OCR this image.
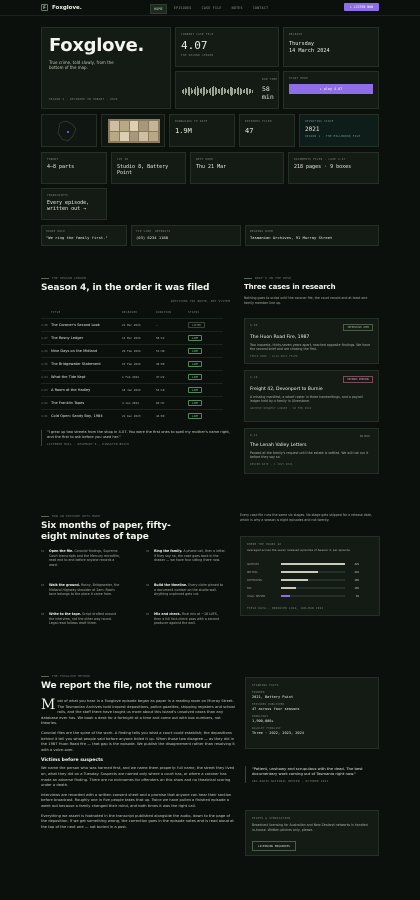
F	Foxglove.	HOME	EPISODES	CASE FILE	NOTES	CONTACT	▸ LISTEN NOW
Foxglove.
True crime, told slowly, from the bottom of the map.
SEASON 4 · RECORDED IN HOBART · 2024
CURRENT CASE FILE
4.07
THE SECOND LEDGER
RELEASE
Thursday
14 March 2024
RUN TIME
58 min
START HERE
▸ play 4.07
DOWNLOADS TO DATE
1.9M
EPISODES FILED
47
REPORTING SINCE
2021
SEASON 1 · THE MILLBROOK FILE
FORMAT
4–8 parts
CUT IN
Studio 8, Battery Point
NEXT DROP
Thu 21 Mar
DOCUMENTS FILED · CASE 4.07
218 pages · 9 boxes
TRANSCRIPTS
Every episode, written out →
HOUSE RULE
"We ring the family first."
TIP LINE, WEEKDAYS
(03) 6234 1188
READING ROOM
Tasmanian Archives, 91 Murray Street
THE SEASON LEDGER
Season 4, in the order it was filed
QUESTIONS YOU WROTE, NOT SYSTEM
TITLE	RELEASED	DURATION	STATUS
4.08 The Coroner's Second Look	21 Mar 2024	—	LISTED
4.07 The Rosny Ledger	14 Mar 2024	58:12	LIVE
4.06 Nine Days on the Midland	29 Feb 2024	51:40	LIVE
4.05 The Bridgewater Statement	15 Feb 2024	49:08	LIVE
4.04 What the Tide Kept	1 Feb 2024	47:22	LIVE
4.03 A Room at the Hadley	18 Jan 2024	55:18	LIVE
4.02 The Franklin Tapes	4 Jan 2024	60:47	LIVE
4.01 Cold Open: Sandy Bay, 1984	21 Dec 2023	44:09	LIVE
"I grew up two streets from the shop in 4.07. You were the first ones to spell my mother's name right, and the first to ask before you used her."
LISTENER MAIL · ROSEMARY K., KINGSTON BEACH
WHAT'S ON THE DESK
Three cases in research
Nothing goes to script until the coroner file, the court record and at least one family member line up.
4.09
INTERVIEWS OPEN
The Huon Road Fire, 1987
Two inquests, thirty-seven years apart, reached opposite findings. We have the second brief and are chasing the first.
FIELD WORK · 6/14 DOCS FILED
4.10
RECORDS PENDING
Freight 42, Devonport to Burnie
A missing manifest, a wharf roster in three handwritings, and a payroll ledger held by a family in Ulverstone.
ARCHIVE REQUEST LODGED · 18 FEB 2024
4.11	ON HOLD
The Lenah Valley Letters
Paused at the family's request until the estate is settled. We will not run it before they say so.
REVIEW DATE · 1 JULY 2024
HOW AN EPISODE GETS MADE
Six months of paper, fifty-eight minutes of tape
01 Open the file. Coronial findings, Supreme Court transcripts and the Mercury microfilm, read end to end before anyone records a word.
02 Ring the family. A phone call, then a letter. If they say no, the case goes back in the drawer — we have four sitting there now.
03 Walk the ground. Rosny, Bridgewater, the Midland Highway shoulder at 2am. Room tone belongs to the place it came from.
04 Build the timeline. Every claim pinned to a document number on the studio wall. Anything unpinned gets cut.
05 Write to the tape. Script drafted around the interview, not the other way round. Legal read follows draft three.
06 Mix and check. Final mix at −16 LUFS, then a full fact-check pass with a second producer against the wall.
Every case file runs the same six stages. No stage gets skipped for a release date, which is why a season is eight episodes and not twenty.
WHERE THE HOURS GO
Averaged across the seven released episodes of Season 4, per episode.
ARCHIVES	42%
WRITING	24%
INTERVIEWS	18%
MIX	10%
LEGAL REVIEW	6%
FIELD DATA · PRODUCER LOGS, JAN–MAR 2024
THE FOXGLOVE METHOD
We report the file, not the rumour

Most of what you hear in a Foxglove episode began as paper in a reading room on Murray Street. The Tasmanian Archives hold inquest depositions, police gazettes, shipping registers and school rolls, and the staff there have taught us more about this island's unsolved cases than any database ever has. We book a desk for a fortnight at a time and come out with box numbers, not theories.

Coronial files are the spine of the work. A finding tells you what a court could establish; the depositions behind it tell you what people said before anyone tidied it up. When those two disagree — as they did in the 1987 Huon Road fire — that gap is the episode. We publish the disagreement rather than resolving it with a voice-over.

Victims before suspects

We name the person who was harmed first, and we name them properly: full name, the street they lived on, what they did on a Tuesday. Suspects are named only where a court has, or where a coroner has made an adverse finding. There are no nicknames for offenders on this show and no theatrical scoring under a death.

Interviews are recorded with a written consent sheet and a promise that anyone can hear their section before broadcast. Roughly one in five people takes that up. Twice we have pulled a finished episode a week out because a family changed their mind, and both times it was the right call.

Everything we assert is footnoted in the transcript published alongside the audio, down to the page of the deposition. If we get something wrong, the correction goes in the episode notes and is read aloud at the top of the next one — not buried in a post.

STANDING FACTS
FOUNDED
2021, Battery Point
EPISODES PUBLISHED
47 across four seasons
DOWNLOADS
1,900,000+
WALKLEY FINALIST
Three · 2022, 2023, 2024
"Patient, unshowy and scrupulous with the dead. The best documentary work coming out of Tasmania right now."
ABC RADIO NATIONAL REVIEW · OCTOBER 2023
RIGHTS & SYNDICATION
Broadcast licensing for Australian and New Zealand networks is handled in-house. Written pitches only, please.
LICENSING ENQUIRIES
